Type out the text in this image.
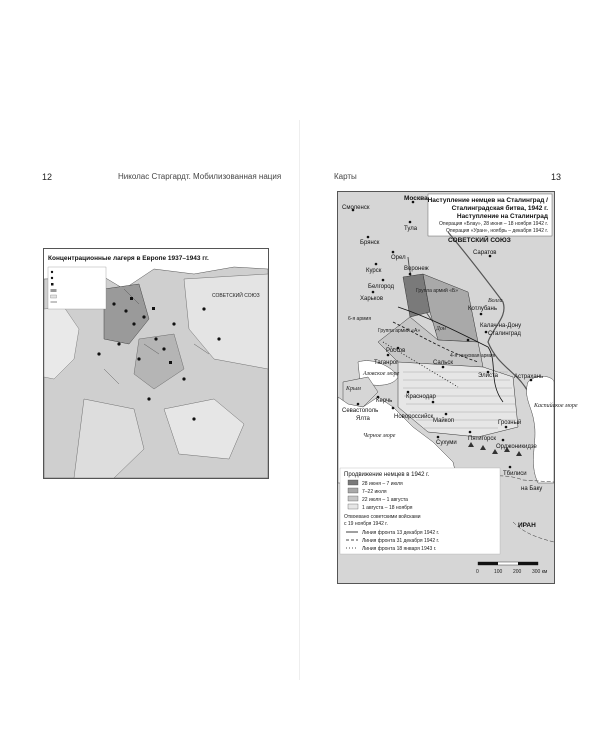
12	Николас Старгардт. Мобилизованная нация
Концентрационные лагеря в Европе 1937–1943 гг.
СОВЕТСКИЙ СОЮЗ
Карты	13
Наступление немцев на Сталинград /
Сталинградская битва, 1942 г.
Наступление на Сталинград
Операция «Блау», 28 июня – 18 ноября 1942 г.
Операция «Уран», ноябрь – декабря 1942 г.
Смоленск
Москва
Тула
Брянск
Орел
Курск	Воронеж
Белгород
Харьков
Саратов
СОВЕТСКИЙ СОЮЗ
Котлубань
Калач-на-Дону
Сталинград
Группа армий «Б»
Группа армий «А»
6-я армия
4-я танковая армия
Ростов
Таганрог	Сальск
Элиста	Астрахань
Волга
Дон
Азовское море
Крым
Керчь
Севастополь
Ялта	Новороссийск
Краснодар
Майкоп
Пятигорск
Грозный
Орджоникидзе
Сухуми
Тбилиси
на Баку
Черное море
Каспийское море
ИРАН
Продвижение немцев в 1942 г.
28 июня – 7 июля
7–22 июля
22 июля – 1 августа
1 августа – 18 ноября
Отвоевано советскими войсками
с 19 ноября 1942 г.
Линия фронта 13 декабря 1942 г.
Линия фронта 31 декабря 1942 г.
Линия фронта 18 января 1943 г.
0	100 200 300 км
